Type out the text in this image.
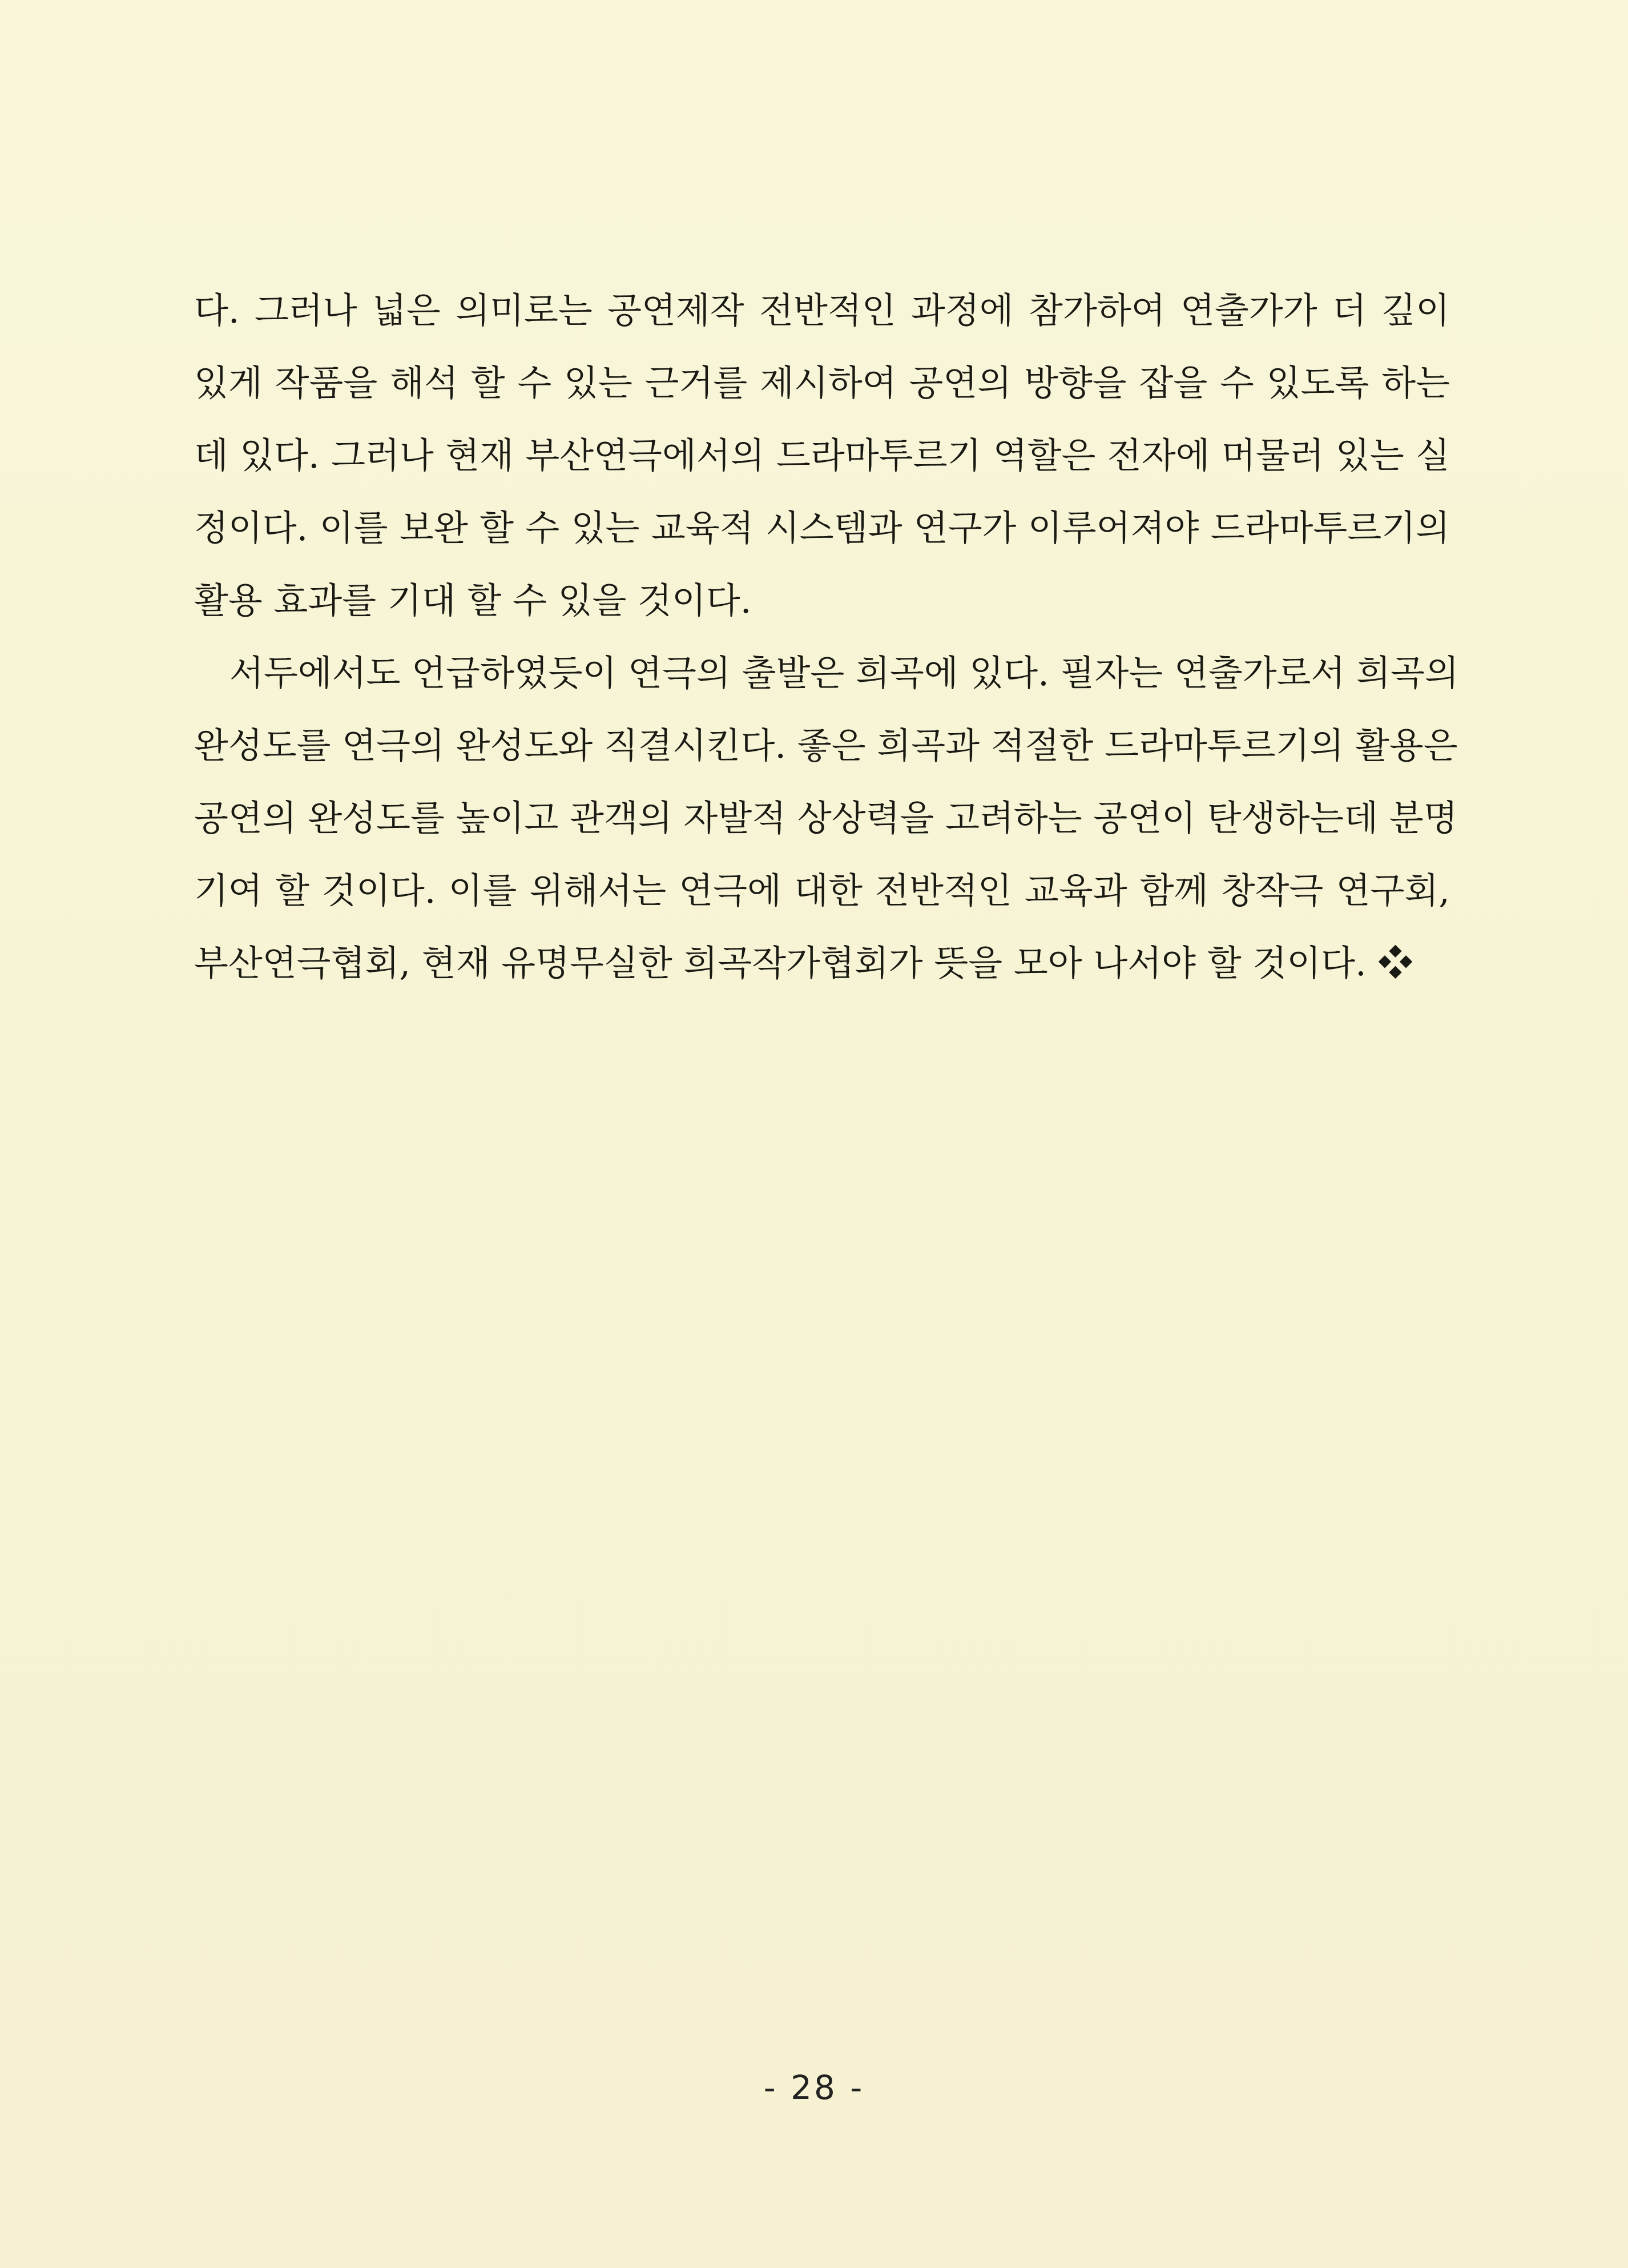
다. 그러나 넓은 의미로는 공연제작 전반적인 과정에 참가하여 연출가가 더 깊이
있게 작품을 해석 할 수 있는 근거를 제시하여 공연의 방향을 잡을 수 있도록 하는
데 있다. 그러나 현재 부산연극에서의 드라마투르기 역할은 전자에 머물러 있는 실
정이다. 이를 보완 할 수 있는 교육적 시스템과 연구가 이루어져야 드라마투르기의
활용 효과를 기대 할 수 있을 것이다.
서두에서도 언급하였듯이 연극의 출발은 희곡에 있다. 필자는 연출가로서 희곡의
완성도를 연극의 완성도와 직결시킨다. 좋은 희곡과 적절한 드라마투르기의 활용은
공연의 완성도를 높이고 관객의 자발적 상상력을 고려하는 공연이 탄생하는데 분명
기여 할 것이다. 이를 위해서는 연극에 대한 전반적인 교육과 함께 창작극 연구회,
부산연극협회, 현재 유명무실한 희곡작가협회가 뜻을 모아 나서야 할 것이다. ❖
- 28 -
